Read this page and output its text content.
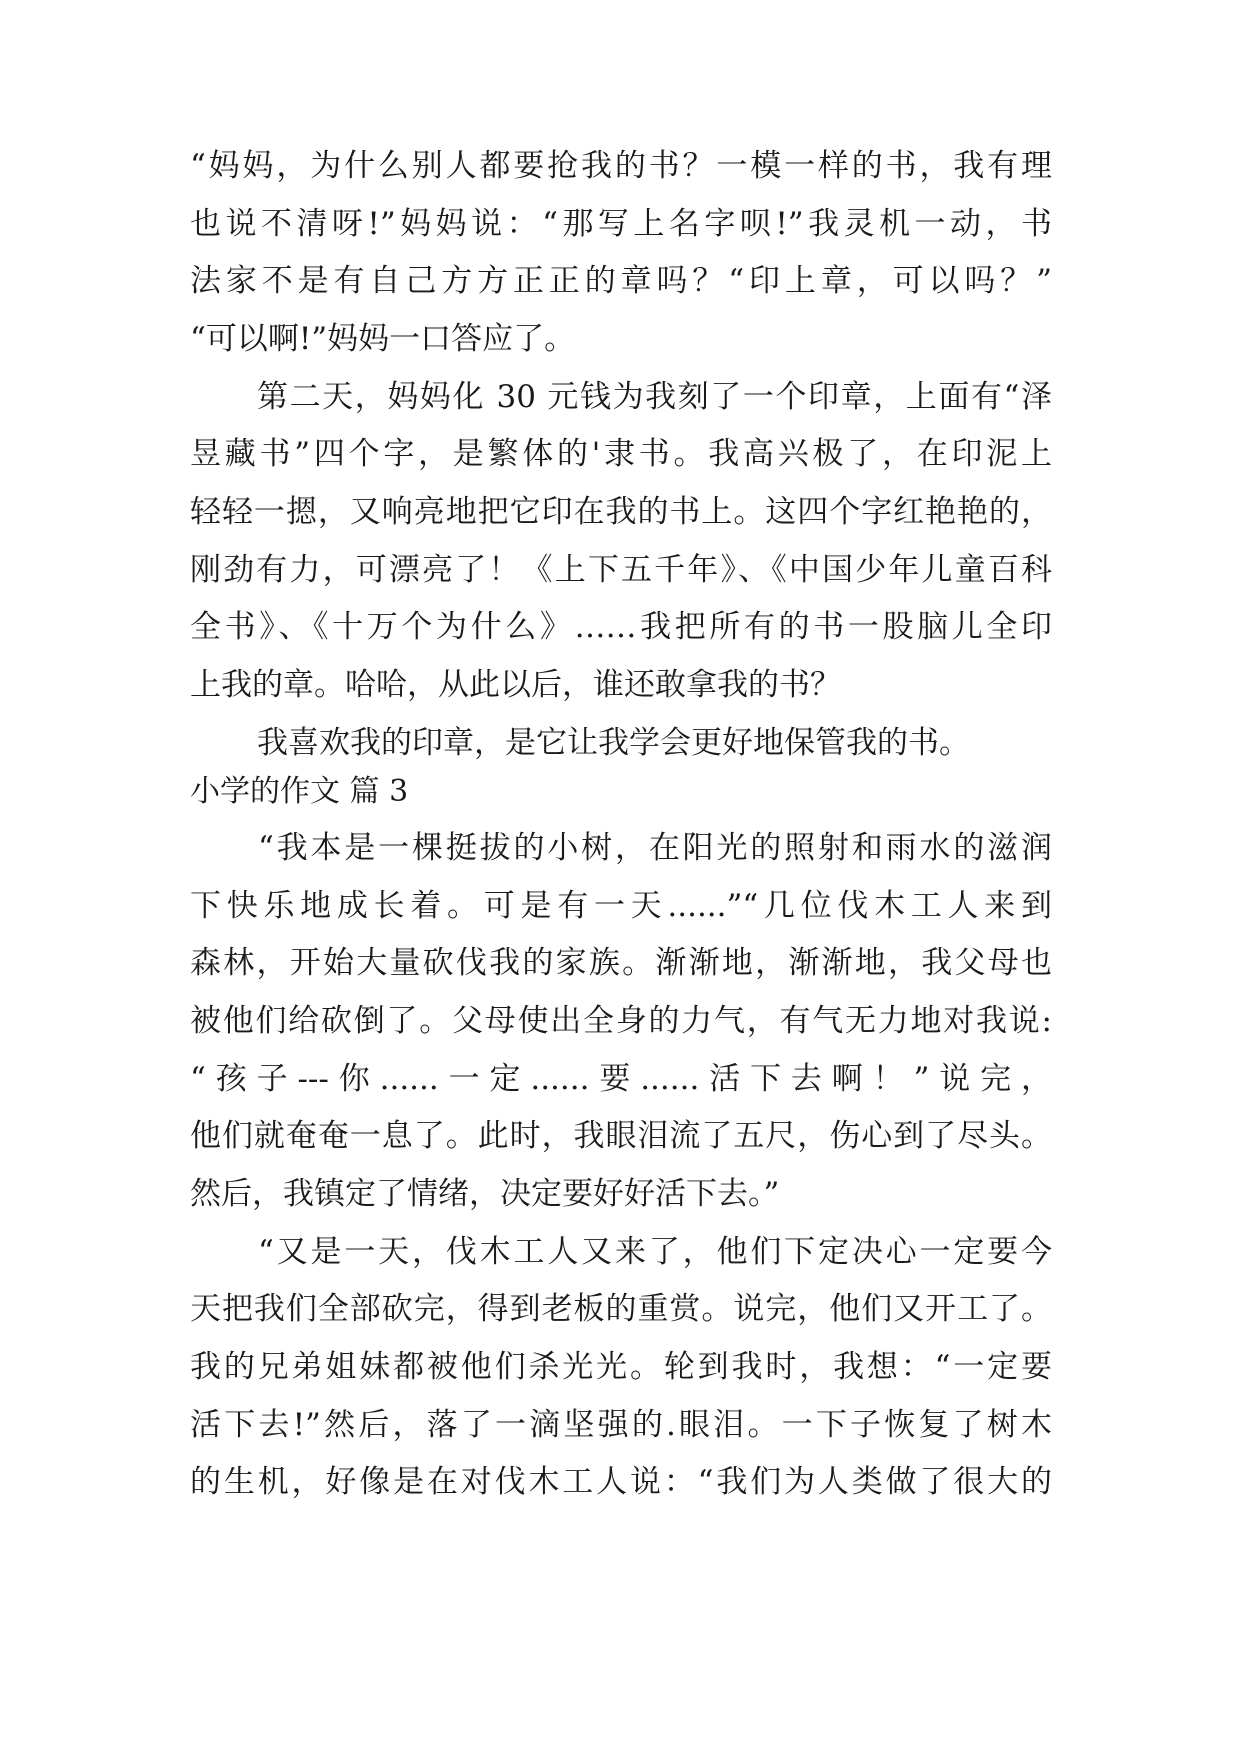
“妈妈，为什么别人都要抢我的书？一模一样的书，我有理
也说不清呀!”妈妈说：“那写上名字呗!”我灵机一动，书
法家不是有自己方方正正的章吗？“印上章，可以吗？”
“可以啊!”妈妈一口答应了。
第二天，妈妈化 30 元钱为我刻了一个印章，上面有“泽
昱藏书”四个字，是繁体的'隶书。我高兴极了，在印泥上
轻轻一摁，又响亮地把它印在我的书上。这四个字红艳艳的，
刚劲有力，可漂亮了！《上下五千年》、《中国少年儿童百科
全书》、《十万个为什么》……我把所有的书一股脑儿全印
上我的章。哈哈，从此以后，谁还敢拿我的书？
我喜欢我的印章，是它让我学会更好地保管我的书。
小学的作文 篇 3
“我本是一棵挺拔的小树，在阳光的照射和雨水的滋润
下快乐地成长着。可是有一天......”“几位伐木工人来到
森林，开始大量砍伐我的家族。渐渐地，渐渐地，我父母也
被他们给砍倒了。父母使出全身的力气，有气无力地对我说:
“孩子---你......一定......要......活下去啊！”说完，
他们就奄奄一息了。此时，我眼泪流了五尺，伤心到了尽头。
然后，我镇定了情绪，决定要好好活下去。”
“又是一天，伐木工人又来了，他们下定决心一定要今
天把我们全部砍完，得到老板的重赏。说完，他们又开工了。
我的兄弟姐妹都被他们杀光光。轮到我时，我想：“一定要
活下去!”然后，落了一滴坚强的.眼泪。一下子恢复了树木
的生机，好像是在对伐木工人说：“我们为人类做了很大的
